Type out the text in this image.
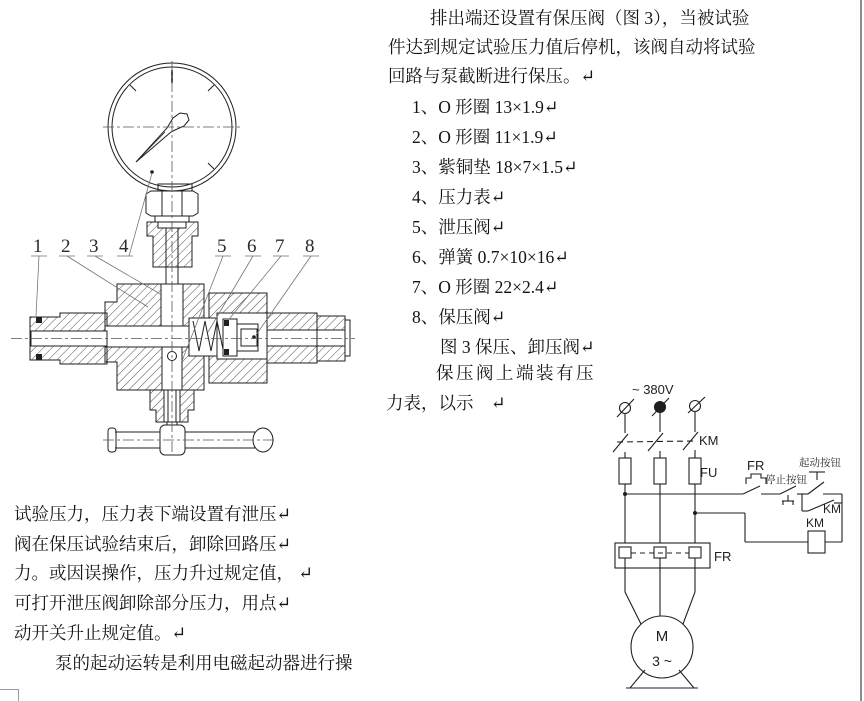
排出端还设置有保压阀（图 3），当被试验
件达到规定试验压力值后停机，该阀自动将试验
回路与泵截断进行保压。↵
1、O 形圈 13×1.9↵
2、O 形圈 11×1.9↵
3、紫铜垫 18×7×1.5↵
4、压力表↵
5、泄压阀↵
6、弹簧 0.7×10×16↵
7、O 形圈 22×2.4↵
8、保压阀↵
图 3 保压、卸压阀↵
保压阀上端装有压
力表，以示    ↵
试验压力，压力表下端设置有泄压↵
阀在保压试验结束后，卸除回路压↵
力。或因误操作，压力升过规定值， ↵
可打开泄压阀卸除部分压力，用点↵
动开关升止规定值。↵
泵的起动运转是利用电磁起动器进行操
1 2 3 4	5 6 7 8
~ 380V
KM
FU FR
停止按钮
起动按钮
KM
KM
FR
M
3 ~
